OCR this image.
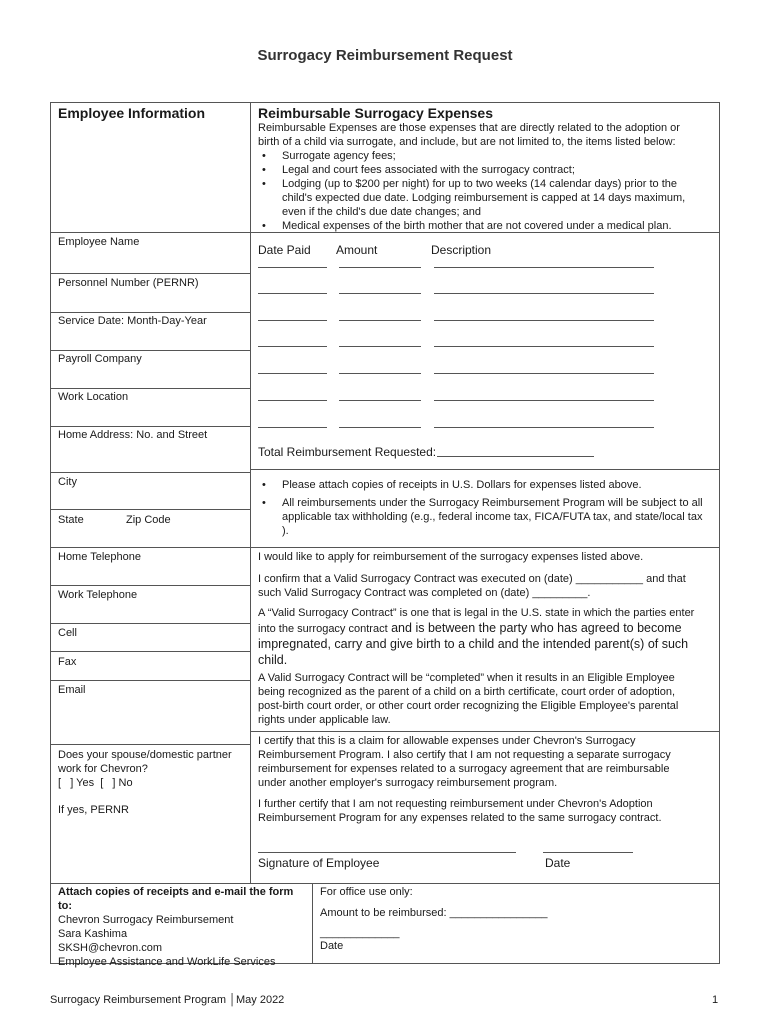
Surrogacy Reimbursement Request
Employee Information
Employee Name
Personnel Number (PERNR)
Service Date: Month-Day-Year
Payroll Company
Work Location
Home Address: No. and Street
City
State	Zip Code
Home Telephone
Work Telephone
Cell
Fax
Email
Does your spouse/domestic partner
work for Chevron?
[   ] Yes  [   ] No
If yes, PERNR
Reimbursable Surrogacy Expenses
Reimbursable Expenses are those expenses that are directly related to the adoption or
birth of a child via surrogate, and include, but are not limited to, the items listed below:
• Surrogate agency fees;
• Legal and court fees associated with the surrogacy contract;
• Lodging (up to $200 per night) for up to two weeks (14 calendar days) prior to the
child's expected due date. Lodging reimbursement is capped at 14 days maximum,
even if the child's due date changes; and
• Medical expenses of the birth mother that are not covered under a medical plan.
Date Paid Amount	Description
Total Reimbursement Requested:
• Please attach copies of receipts in U.S. Dollars for expenses listed above.
• All reimbursements under the Surrogacy Reimbursement Program will be subject to all
applicable tax withholding (e.g., federal income tax, FICA/FUTA tax, and state/local tax
).
I would like to apply for reimbursement of the surrogacy expenses listed above.
I confirm that a Valid Surrogacy Contract was executed on (date) ___________ and that
such Valid Surrogacy Contract was completed on (date) _________.
A “Valid Surrogacy Contract” is one that is legal in the U.S. state in which the parties enter
into the surrogacy contract and is between the party who has agreed to become
impregnated, carry and give birth to a child and the intended parent(s) of such
child.
A Valid Surrogacy Contract will be “completed” when it results in an Eligible Employee
being recognized as the parent of a child on a birth certificate, court order of adoption,
post-birth court order, or other court order recognizing the Eligible Employee's parental
rights under applicable law.
I certify that this is a claim for allowable expenses under Chevron's Surrogacy
Reimbursement Program. I also certify that I am not requesting a separate surrogacy
reimbursement for expenses related to a surrogacy agreement that are reimbursable
under another employer's surrogacy reimbursement program.
I further certify that I am not requesting reimbursement under Chevron's Adoption
Reimbursement Program for any expenses related to the same surrogacy contract.
Signature of Employee	Date
Attach copies of receipts and e-mail the form
to:
Chevron Surrogacy Reimbursement
Sara Kashima
SKSH@chevron.com
Employee Assistance and WorkLife Services
For office use only:
Amount to be reimbursed: ________________
_____________
Date
Surrogacy Reimbursement Program │May 2022	1
